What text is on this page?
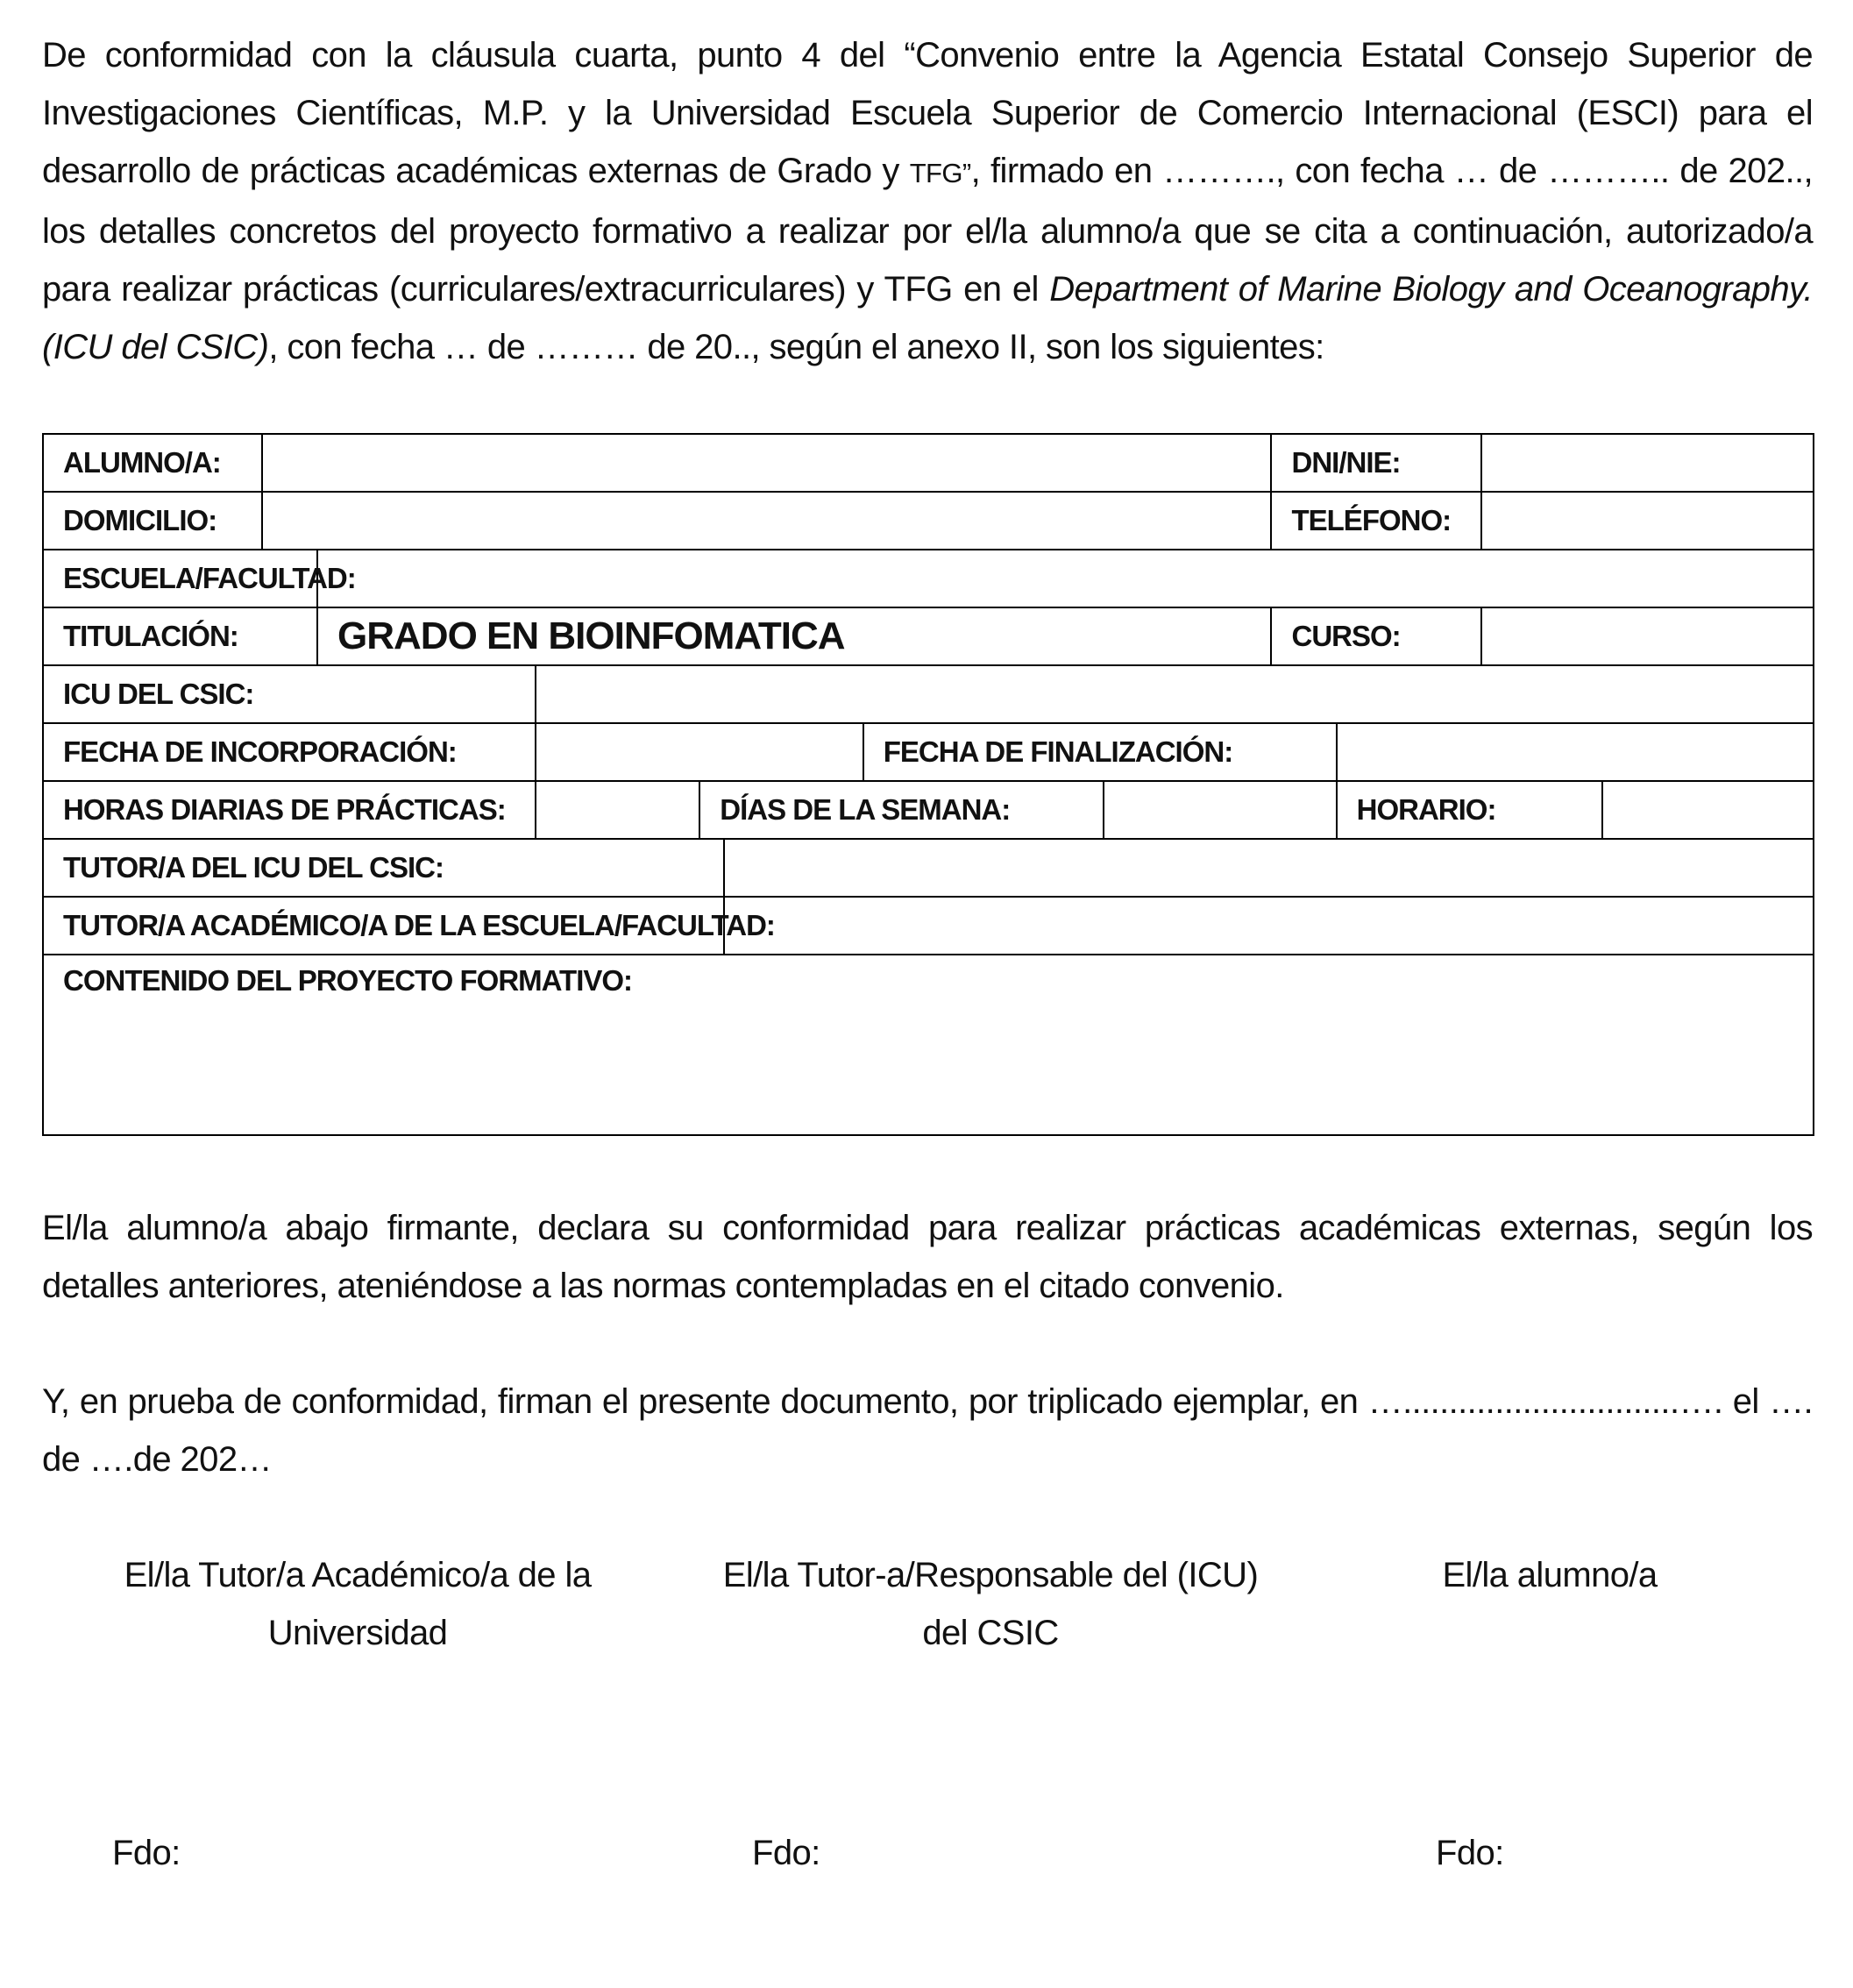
De conformidad con la cláusula cuarta, punto 4 del “Convenio entre la Agencia Estatal Consejo Superior de Investigaciones Científicas, M.P. y la Universidad Escuela Superior de Comercio Internacional (ESCI) para el desarrollo de prácticas académicas externas de Grado y TFG”, firmado en ………., con fecha … de ……….. de 202.., los detalles concretos del proyecto formativo a realizar por el/la alumno/a que se cita a continuación, autorizado/a para realizar prácticas (curriculares/extracurriculares) y TFG en el Department of Marine Biology and Oceanography.(ICU del CSIC), con fecha … de ……… de 20.., según el anexo II, son los siguientes:

ALUMNO/A:								DNI/NIE:			
DOMICILIO:								TELÉFONO:			
ESCUELA/FACULTAD:											
TITULACIÓN:		GRADO EN BIOINFOMATICA						CURSO:			
ICU DEL CSIC:											
FECHA DE INCORPORACIÓN:						FECHA DE FINALIZACIÓN:					
HORAS DIARIAS DE PRÁCTICAS:				DÍAS DE LA SEMANA:					HORARIO:		
TUTOR/A DEL ICU DEL CSIC:											
TUTOR/A ACADÉMICO/A DE LA ESCUELA/FACULTAD:											
CONTENIDO DEL PROYECTO FORMATIVO:											

El/la alumno/a abajo firmante, declara su conformidad para realizar prácticas académicas externas, según los detalles anteriores, ateniéndose a las normas contempladas en el citado convenio.

Y, en prueba de conformidad, firman el presente documento, por triplicado ejemplar, en …..............................…. el …. de ….de 202…

El/la Tutor/a Académico/a de la Universidad
El/la Tutor-a/Responsable del (ICU) del CSIC
El/la alumno/a
Fdo:	Fdo:	Fdo:
